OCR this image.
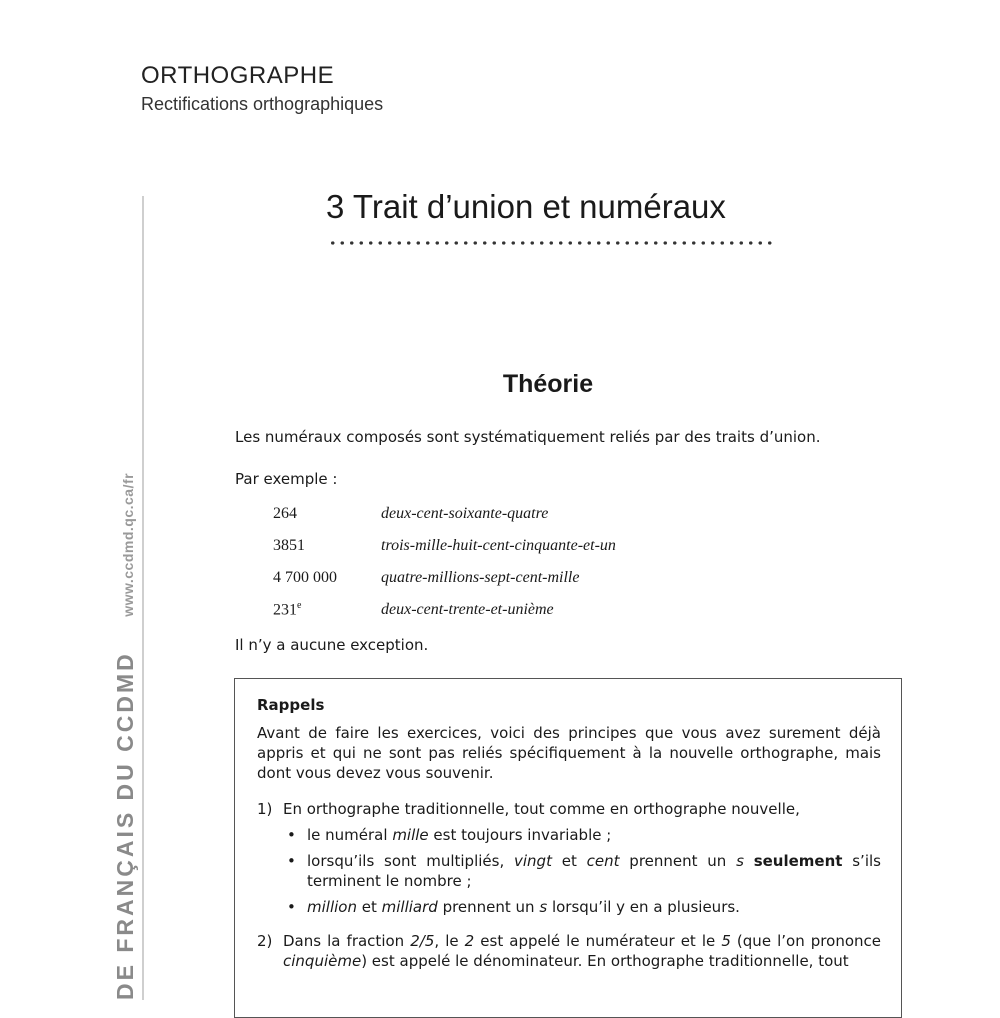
ORTHOGRAPHE
Rectifications orthographiques
DE FRANÇAIS DU CCDMD www.ccdmd.qc.ca/fr
3 Trait d’union et numéraux
Théorie
Les numéraux composés sont systématiquement reliés par des traits d’union.
Par exemple :
264	deux-cent-soixante-quatre
3851	trois-mille-huit-cent-cinquante-et-un
4 700 000	quatre-millions-sept-cent-mille
231e	deux-cent-trente-et-unième
Il n’y a aucune exception.
Rappels
Avant de faire les exercices, voici des principes que vous avez surement déjà appris et qui ne sont pas reliés spécifiquement à la nouvelle orthographe, mais dont vous devez vous souvenir.
1) En orthographe traditionnelle, tout comme en orthographe nouvelle,
• le numéral mille est toujours invariable ;
• lorsqu’ils sont multipliés, vingt et cent prennent un s seulement s’ils terminent le nombre ;
• million et milliard prennent un s lorsqu’il y en a plusieurs.
2) Dans la fraction 2/5, le 2 est appelé le numérateur et le 5 (que l’on prononce cinquième) est appelé le dénominateur. En orthographe traditionnelle, tout
